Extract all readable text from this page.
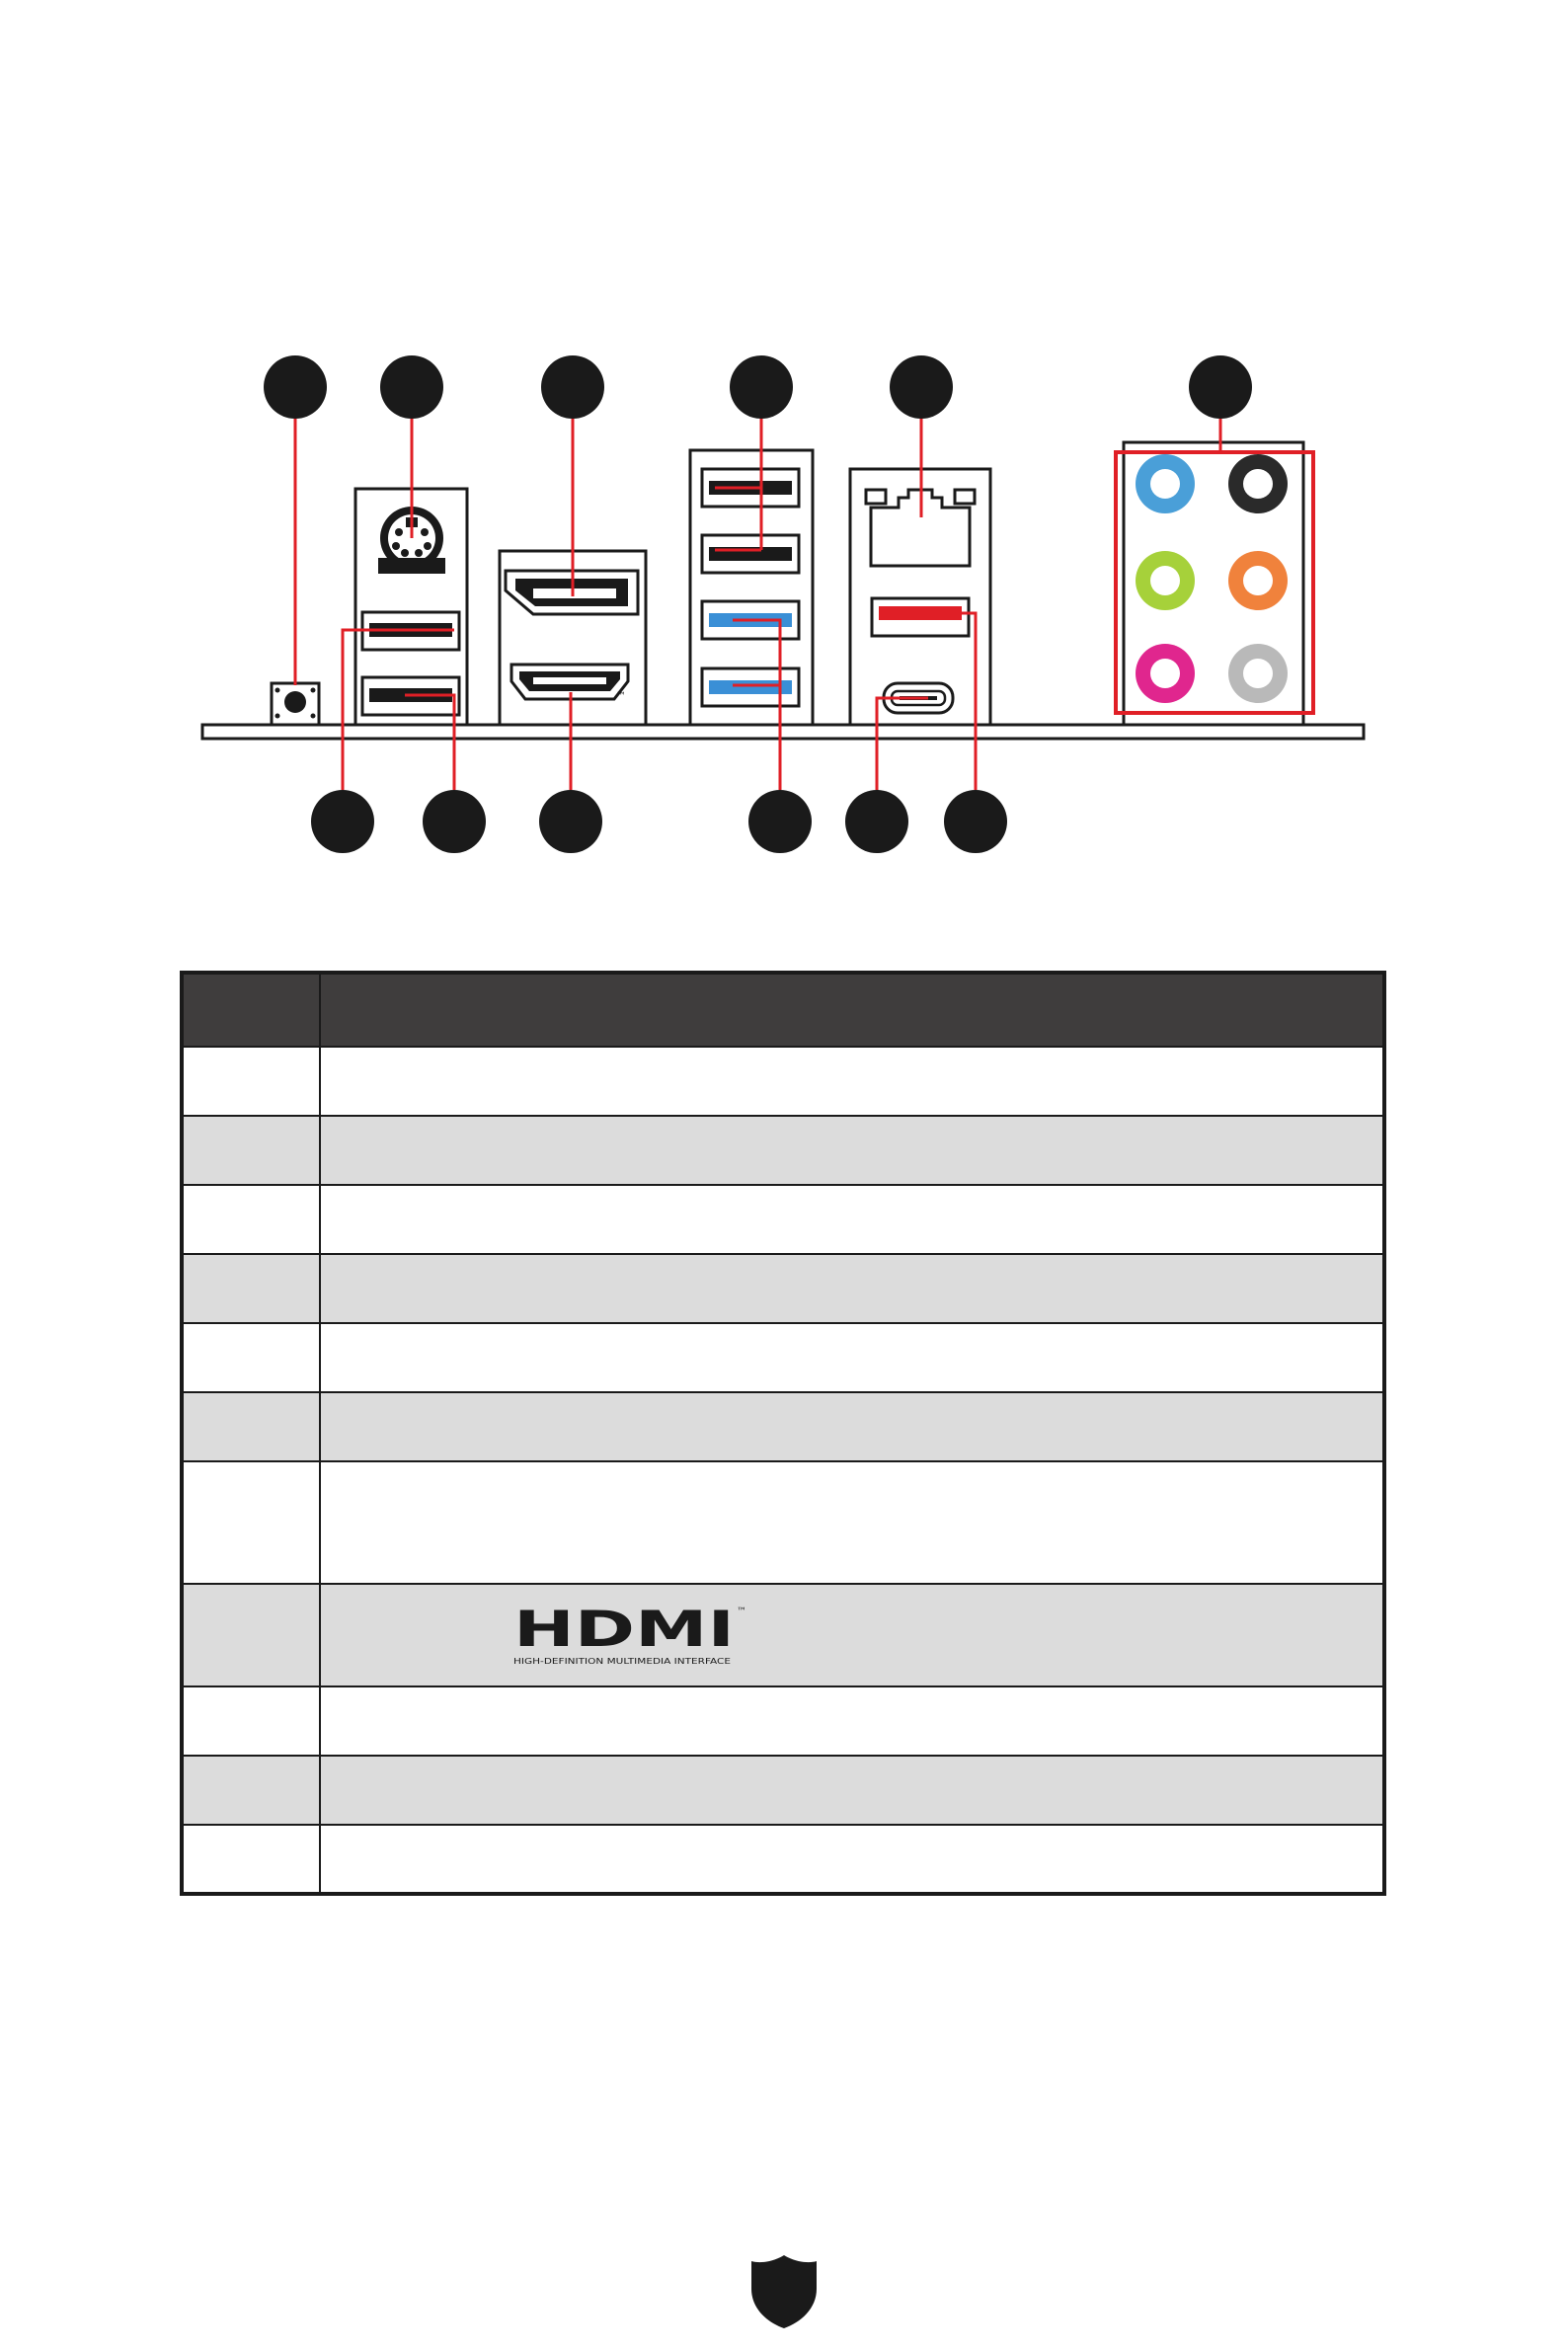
™

HDMI ™
HIGH-DEFINITION MULTIMEDIA INTERFACE
